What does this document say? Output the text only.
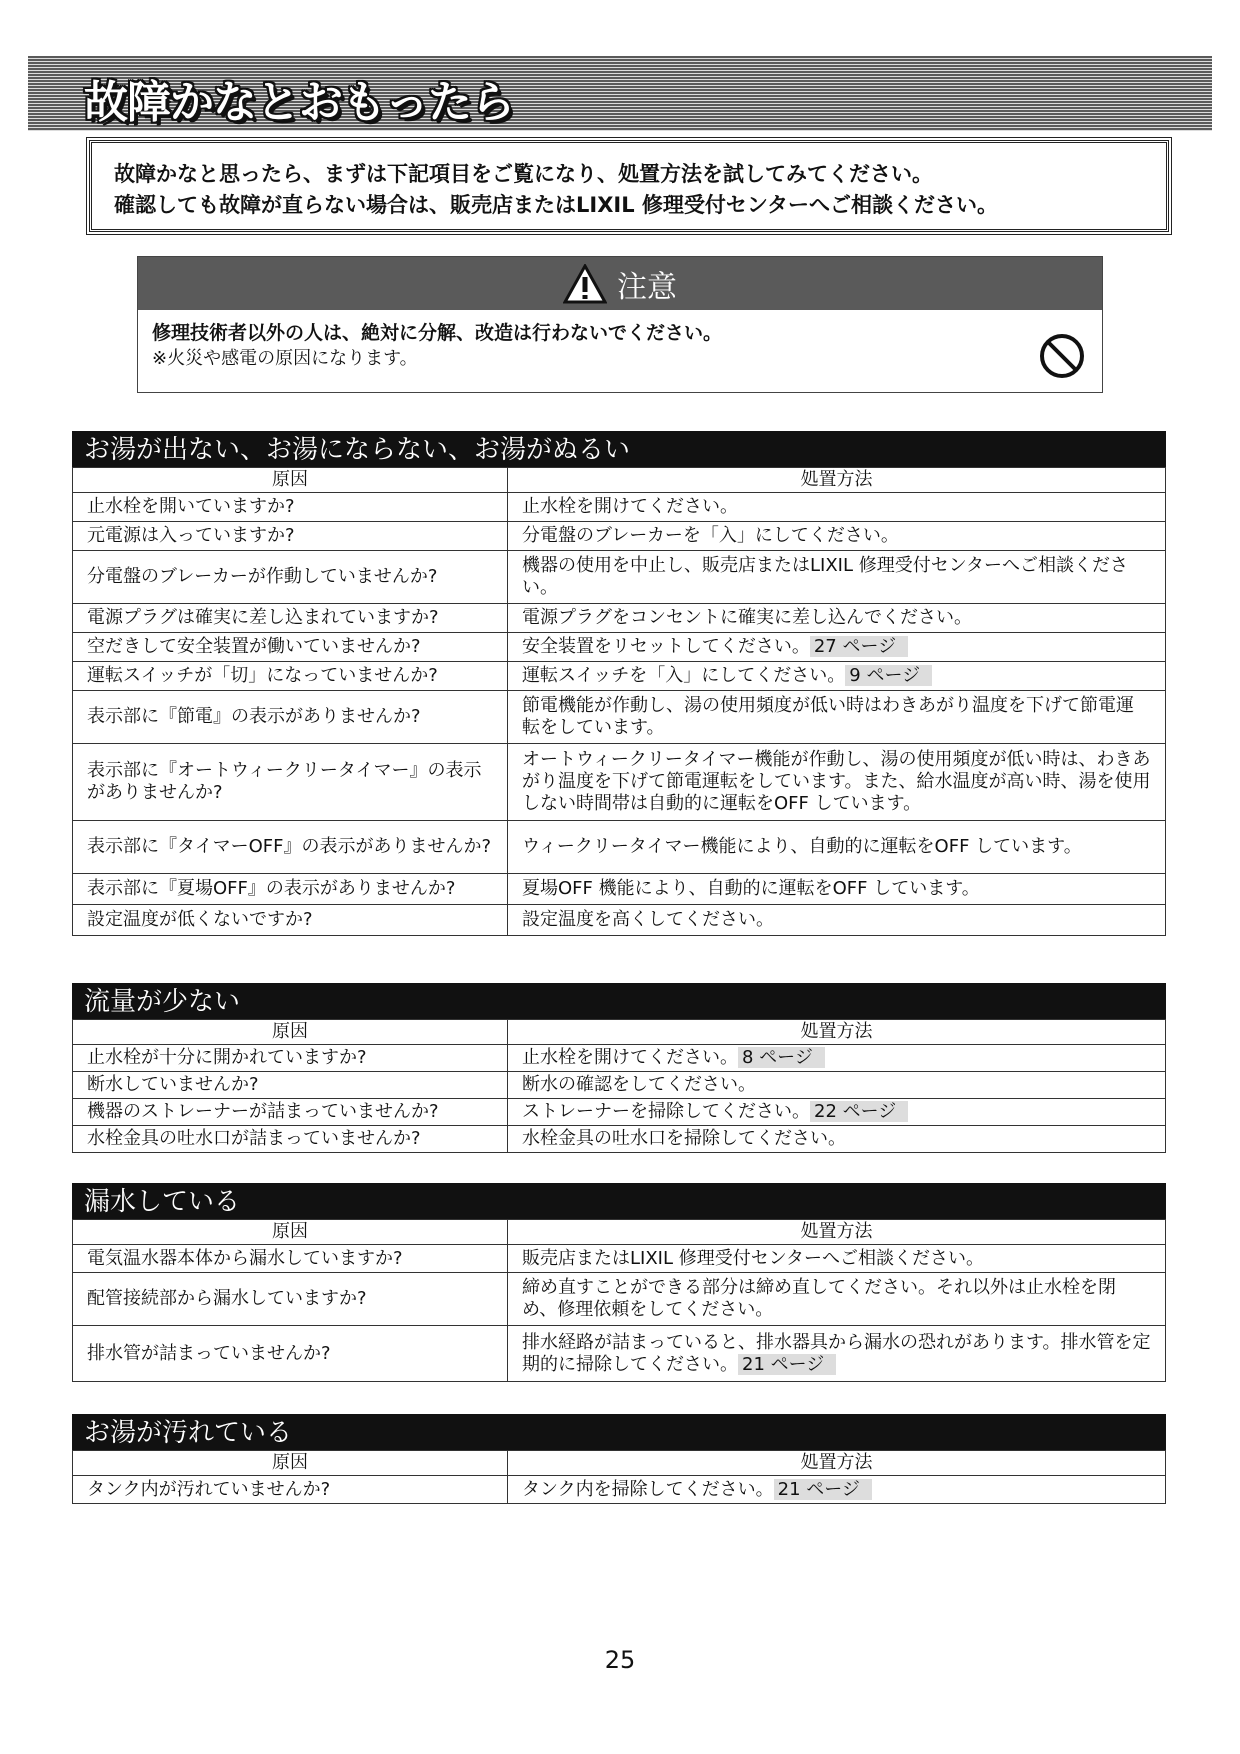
故障かなとおもったら

故障かなと思ったら、まずは下記項目をご覧になり、処置方法を試してみてください。

確認しても故障が直らない場合は、販売店またはLIXIL 修理受付センターへご相談ください。

注意
修理技術者以外の人は、絶対に分解、改造は行わないでください。
※火災や感電の原因になります。
お湯が出ない、お湯にならない、お湯がぬるい
原因	処置方法
止水栓を開いていますか?	止水栓を開けてください。
元電源は入っていますか?	分電盤のブレーカーを「入」にしてください。
分電盤のブレーカーが作動していませんか?	機器の使用を中止し、販売店またはLIXIL 修理受付センターへご相談ください。
電源プラグは確実に差し込まれていますか?	電源プラグをコンセントに確実に差し込んでください。
空だきして安全装置が働いていませんか?	安全装置をリセットしてください。 27 ページ
運転スイッチが「切」になっていませんか?	運転スイッチを「入」にしてください。 9 ページ
表示部に『節電』の表示がありませんか?	節電機能が作動し、湯の使用頻度が低い時はわきあがり温度を下げて節電運転をしています。
表示部に『オートウィークリータイマー』の表示がありませんか?	オートウィークリータイマー機能が作動し、湯の使用頻度が低い時は、わきあがり温度を下げて節電運転をしています。また、給水温度が高い時、湯を使用しない時間帯は自動的に運転をOFF しています。
表示部に『タイマーOFF』の表示がありませんか?	ウィークリータイマー機能により、自動的に運転をOFF しています。
表示部に『夏場OFF』の表示がありませんか?	夏場OFF 機能により、自動的に運転をOFF しています。
設定温度が低くないですか?	設定温度を高くしてください。
流量が少ない
原因	処置方法
止水栓が十分に開かれていますか?	止水栓を開けてください。 8 ページ
断水していませんか?	断水の確認をしてください。
機器のストレーナーが詰まっていませんか?	ストレーナーを掃除してください。 22 ページ
水栓金具の吐水口が詰まっていませんか?	水栓金具の吐水口を掃除してください。
漏水している
原因	処置方法
電気温水器本体から漏水していますか?	販売店またはLIXIL 修理受付センターへご相談ください。
配管接続部から漏水していますか?	締め直すことができる部分は締め直してください。それ以外は止水栓を閉め、修理依頼をしてください。
排水管が詰まっていませんか?	排水経路が詰まっていると、排水器具から漏水の恐れがあります。排水管を定期的に掃除してください。 21 ページ
お湯が汚れている
原因	処置方法
タンク内が汚れていませんか?	タンク内を掃除してください。 21 ページ
25
